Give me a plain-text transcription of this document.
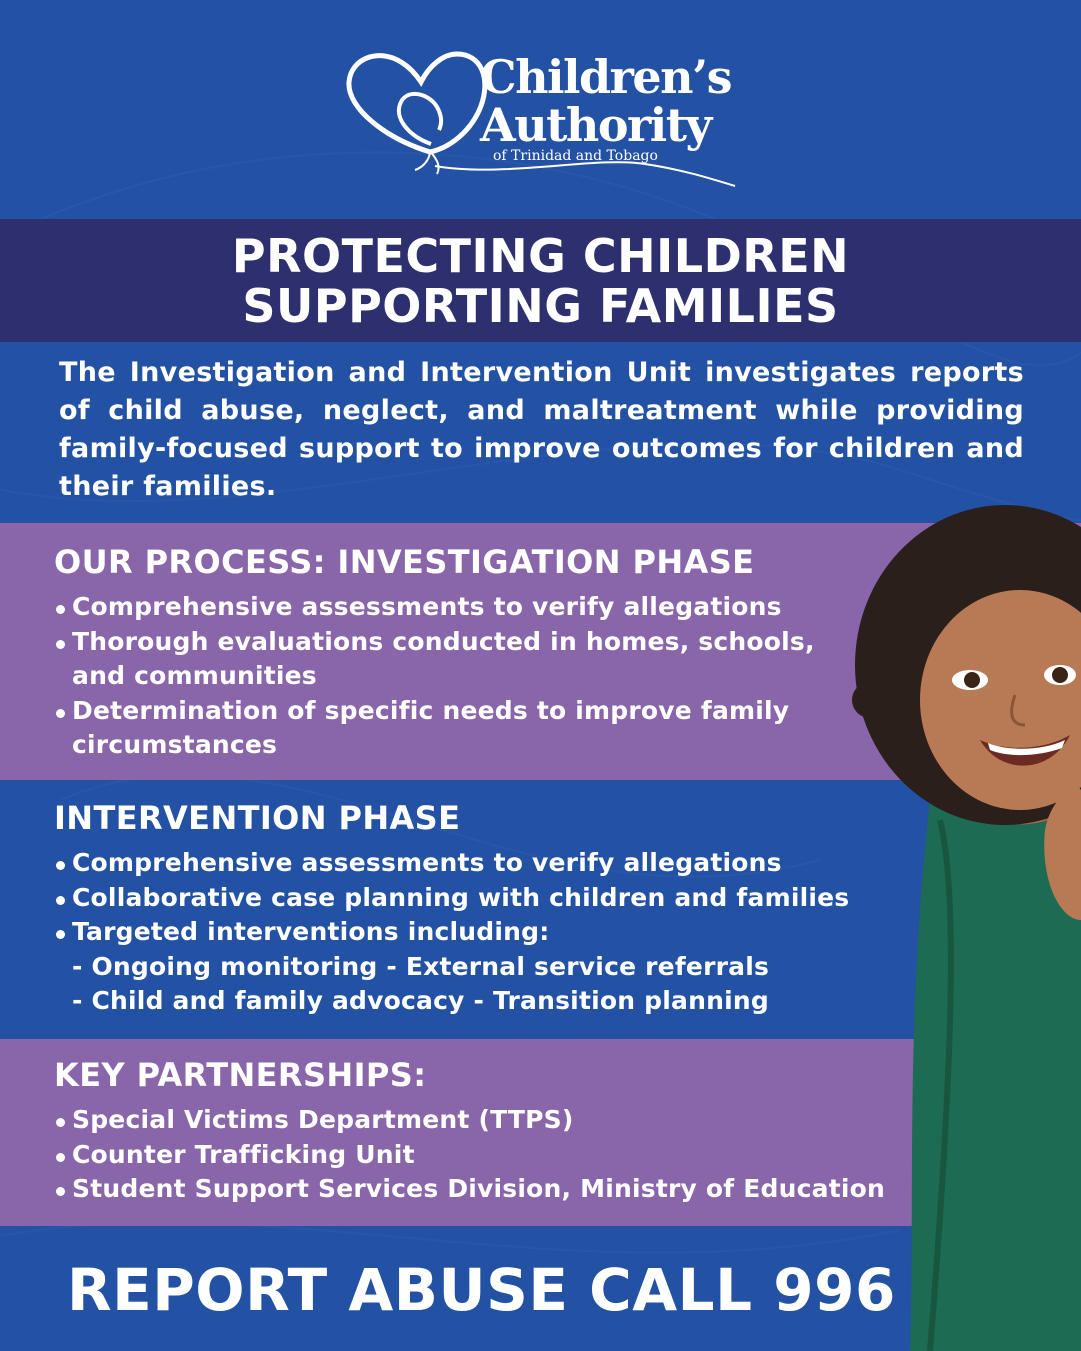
Children’s
Authority
of Trinidad and Tobago
PROTECTING CHILDREN
SUPPORTING FAMILIES

The Investigation and Intervention Unit investigates reports of child abuse, neglect, and maltreatment while providing family-focused support to improve outcomes for children and their families.

OUR PROCESS: INVESTIGATION PHASE
Comprehensive assessments to verify allegations
Thorough evaluations conducted in homes, schools,
and communities
Determination of specific needs to improve family
circumstances
INTERVENTION PHASE
Comprehensive assessments to verify allegations
Collaborative case planning with children and families
Targeted interventions including:
- Ongoing monitoring - External service referrals
- Child and family advocacy - Transition planning
KEY PARTNERSHIPS:
Special Victims Department (TTPS)
Counter Trafficking Unit
Student Support Services Division, Ministry of Education
REPORT ABUSE CALL 996
